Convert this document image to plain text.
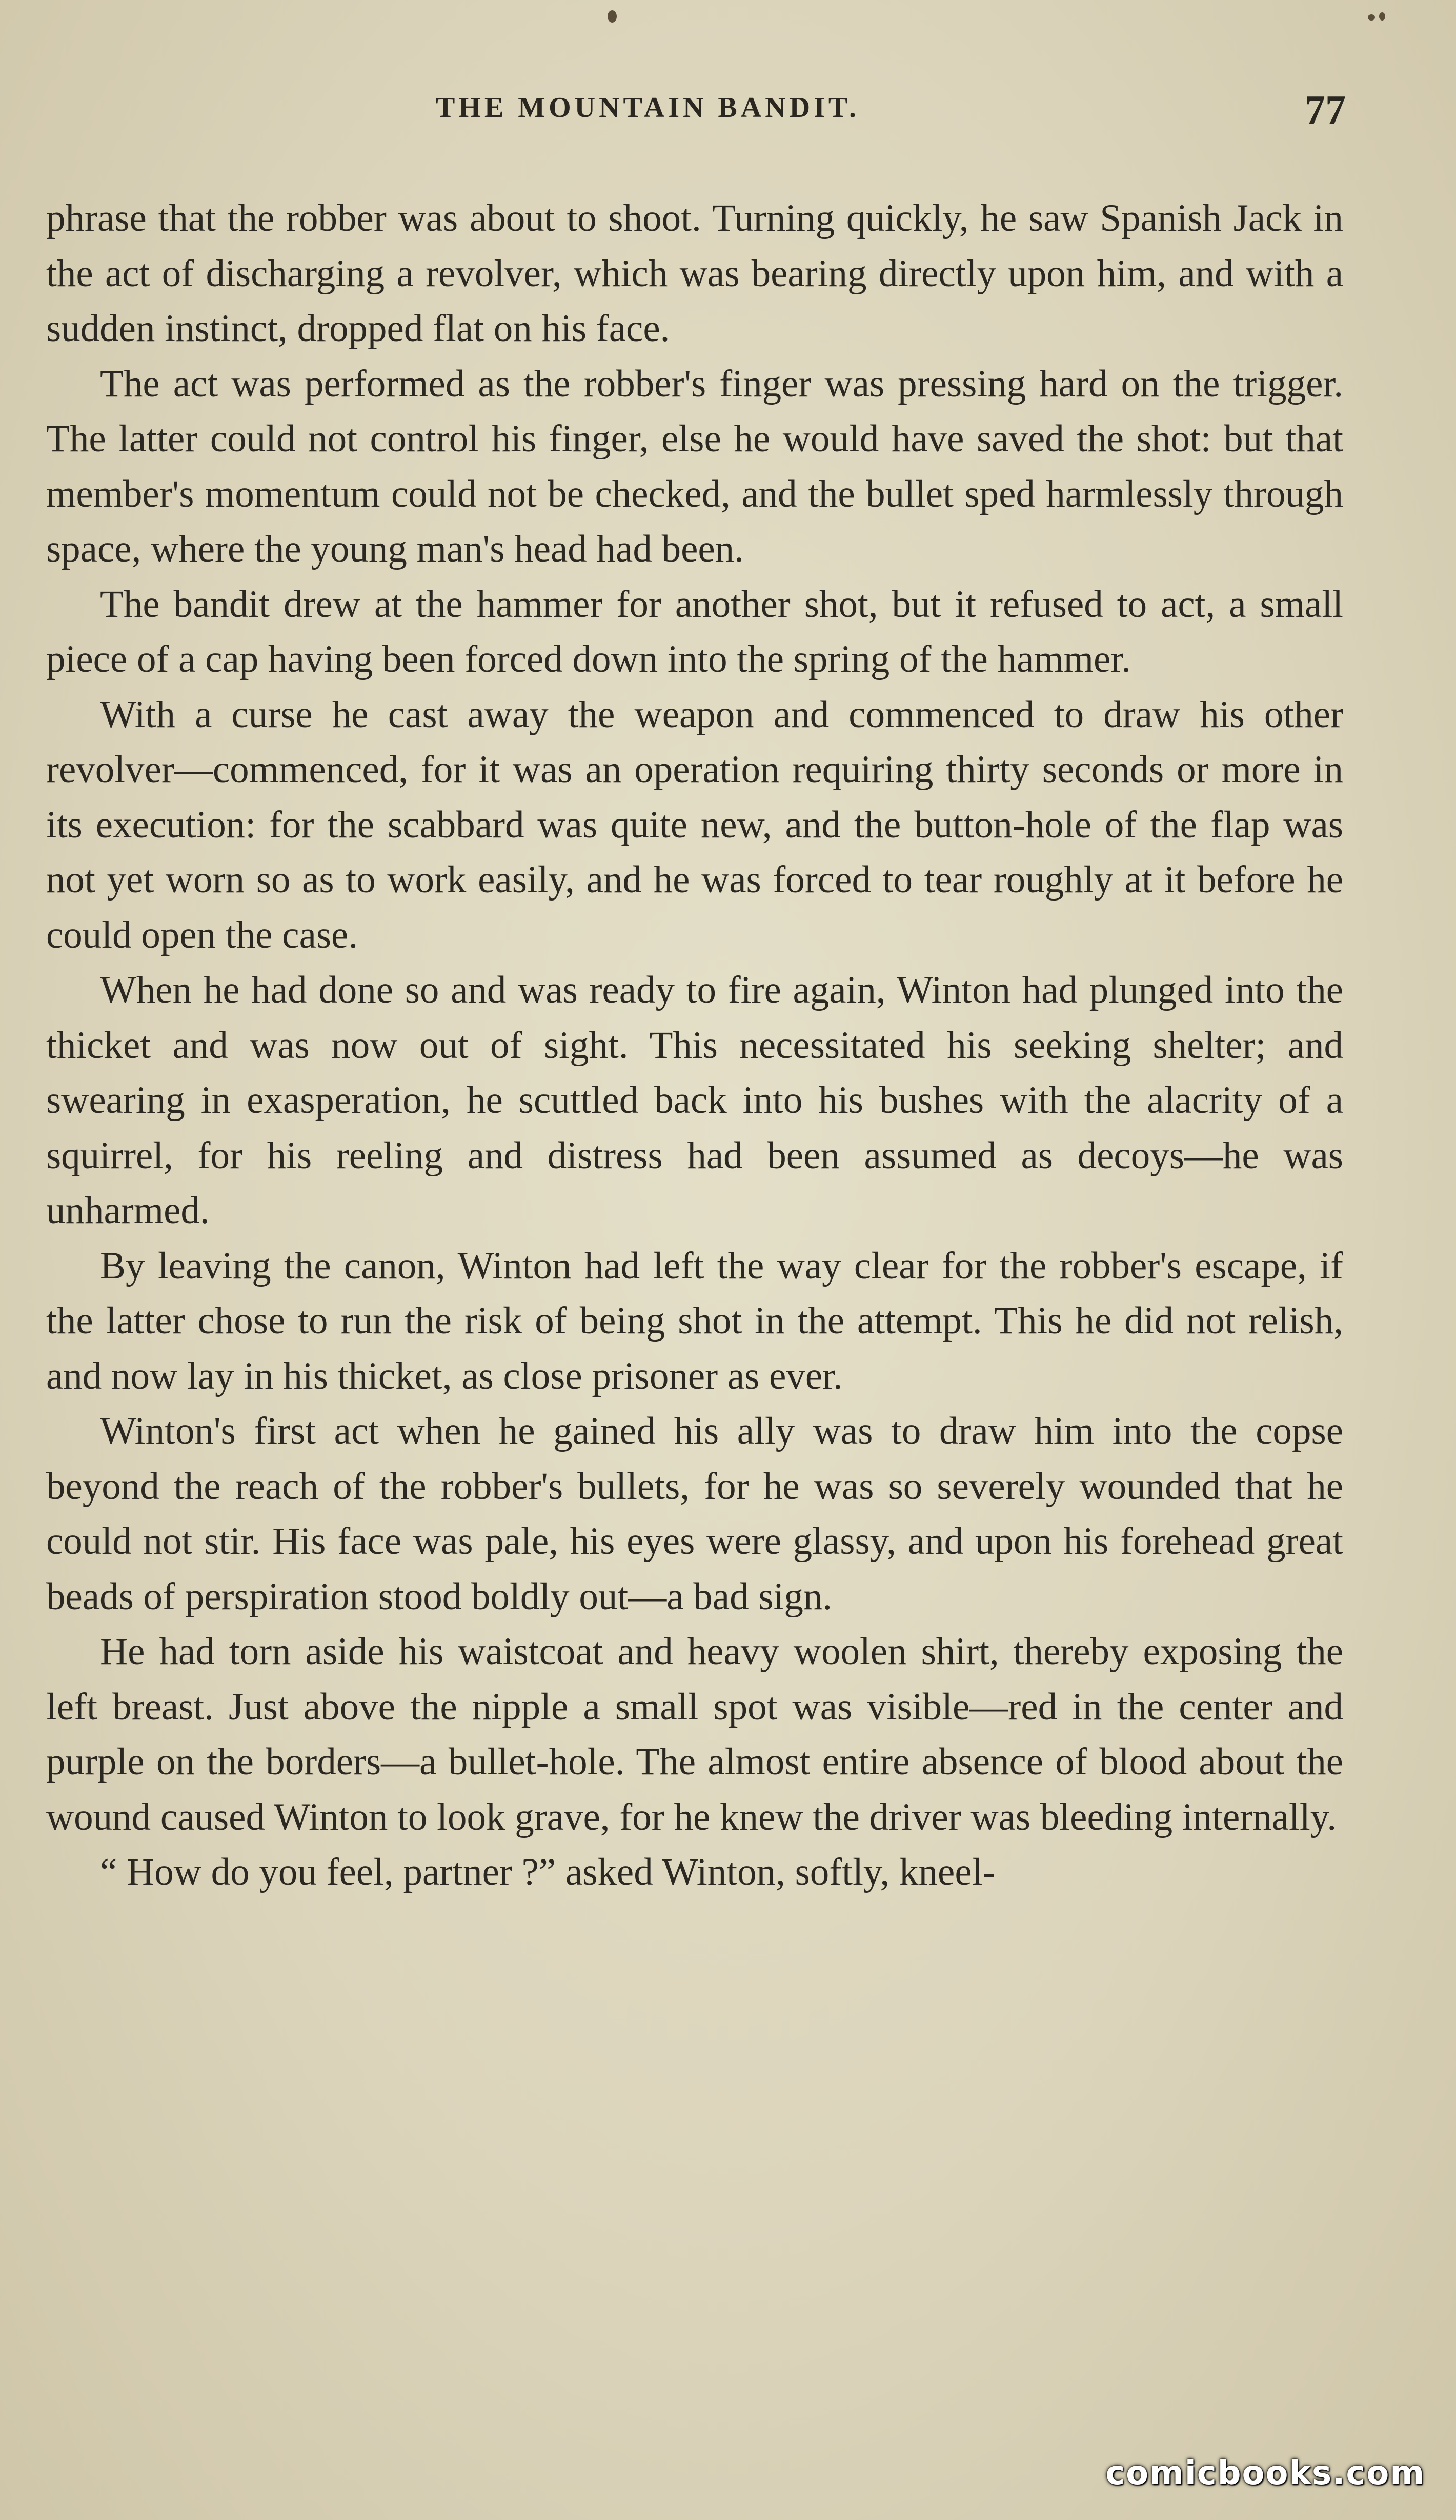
THE MOUNTAIN BANDIT.	77

phrase that the robber was about to shoot. Turning quickly, he saw Spanish Jack in the act of discharging a revolver, which was bearing directly upon him, and with a sudden instinct, dropped flat on his face.

The act was performed as the robber's finger was pressing hard on the trigger. The latter could not control his finger, else he would have saved the shot: but that member's momentum could not be checked, and the bullet sped harmlessly through space, where the young man's head had been.

The bandit drew at the hammer for another shot, but it refused to act, a small piece of a cap having been forced down into the spring of the hammer.

With a curse he cast away the weapon and commenced to draw his other revolver—commenced, for it was an operation requiring thirty seconds or more in its execution: for the scabbard was quite new, and the button-hole of the flap was not yet worn so as to work easily, and he was forced to tear roughly at it before he could open the case.

When he had done so and was ready to fire again, Winton had plunged into the thicket and was now out of sight. This necessitated his seeking shelter; and swearing in exasperation, he scuttled back into his bushes with the alacrity of a squirrel, for his reeling and distress had been assumed as decoys—he was unharmed.

By leaving the canon, Winton had left the way clear for the robber's escape, if the latter chose to run the risk of being shot in the attempt. This he did not relish, and now lay in his thicket, as close prisoner as ever.

Winton's first act when he gained his ally was to draw him into the copse beyond the reach of the robber's bullets, for he was so severely wounded that he could not stir. His face was pale, his eyes were glassy, and upon his forehead great beads of perspiration stood boldly out—a bad sign.

He had torn aside his waistcoat and heavy woolen shirt, thereby exposing the left breast. Just above the nipple a small spot was visible—red in the center and purple on the borders—a bullet-hole. The almost entire absence of blood about the wound caused Winton to look grave, for he knew the driver was bleeding internally.

“ How do you feel, partner ?” asked Winton, softly, kneel-

comicbooks.com
